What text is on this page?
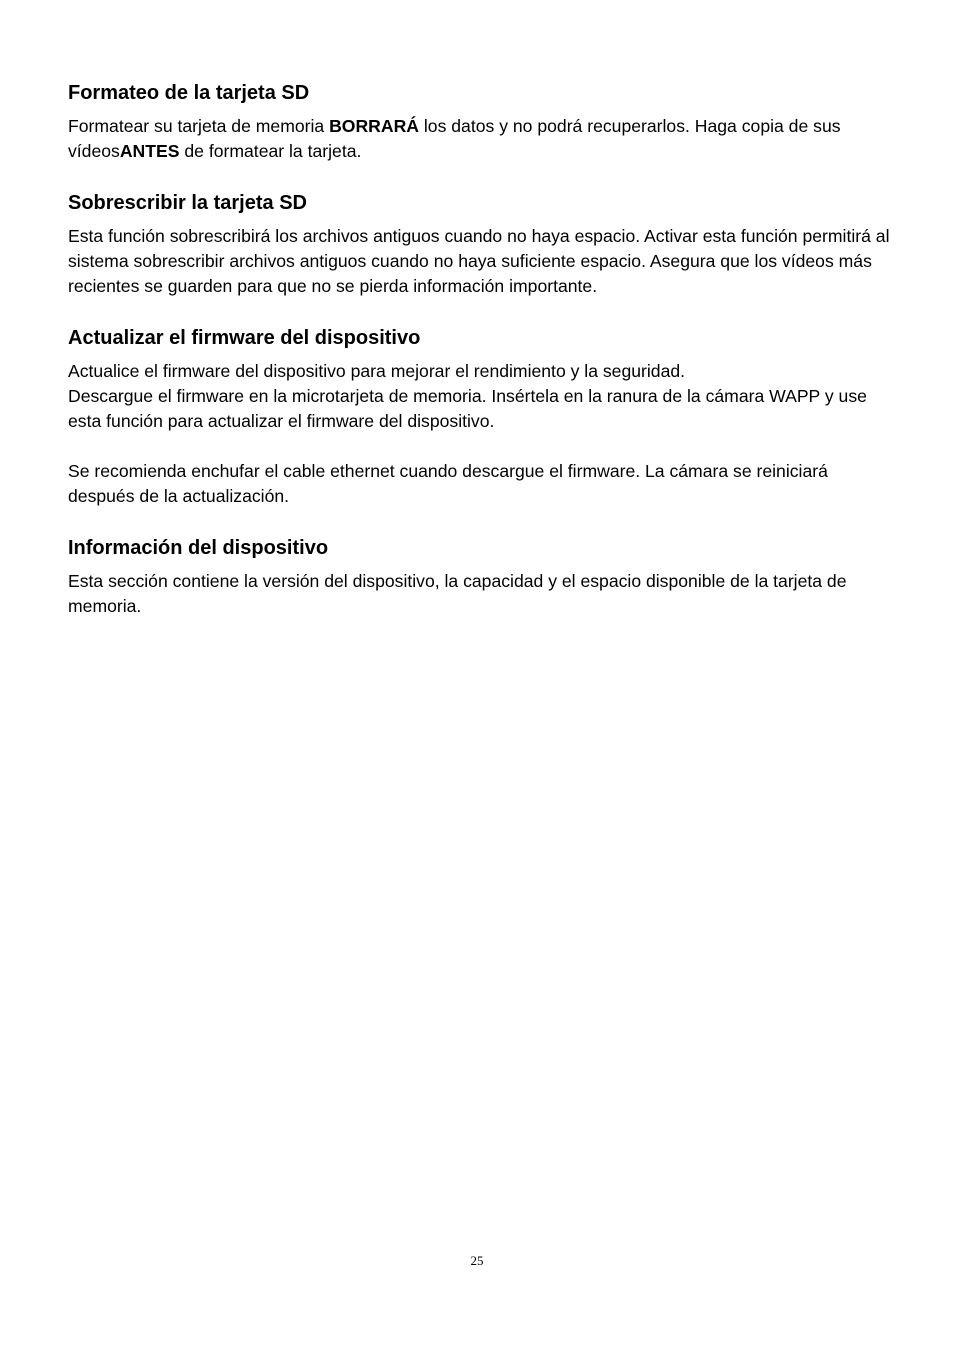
Formateo de la tarjeta SD

Formatear su tarjeta de memoria BORRARÁ los datos y no podrá recuperarlos. Haga copia de sus vídeosANTES de formatear la tarjeta.

Sobrescribir la tarjeta SD

Esta función sobrescribirá los archivos antiguos cuando no haya espacio. Activar esta función permitirá al sistema sobrescribir archivos antiguos cuando no haya suficiente espacio. Asegura que los vídeos más recientes se guarden para que no se pierda información importante.

Actualizar el firmware del dispositivo

Actualice el firmware del dispositivo para mejorar el rendimiento y la seguridad.

Descargue el firmware en la microtarjeta de memoria. Insértela en la ranura de la cámara WAPP y use esta función para actualizar el firmware del dispositivo.

Se recomienda enchufar el cable ethernet cuando descargue el firmware. La cámara se reiniciará después de la actualización.

Información del dispositivo

Esta sección contiene la versión del dispositivo, la capacidad y el espacio disponible de la tarjeta de memoria.

25
